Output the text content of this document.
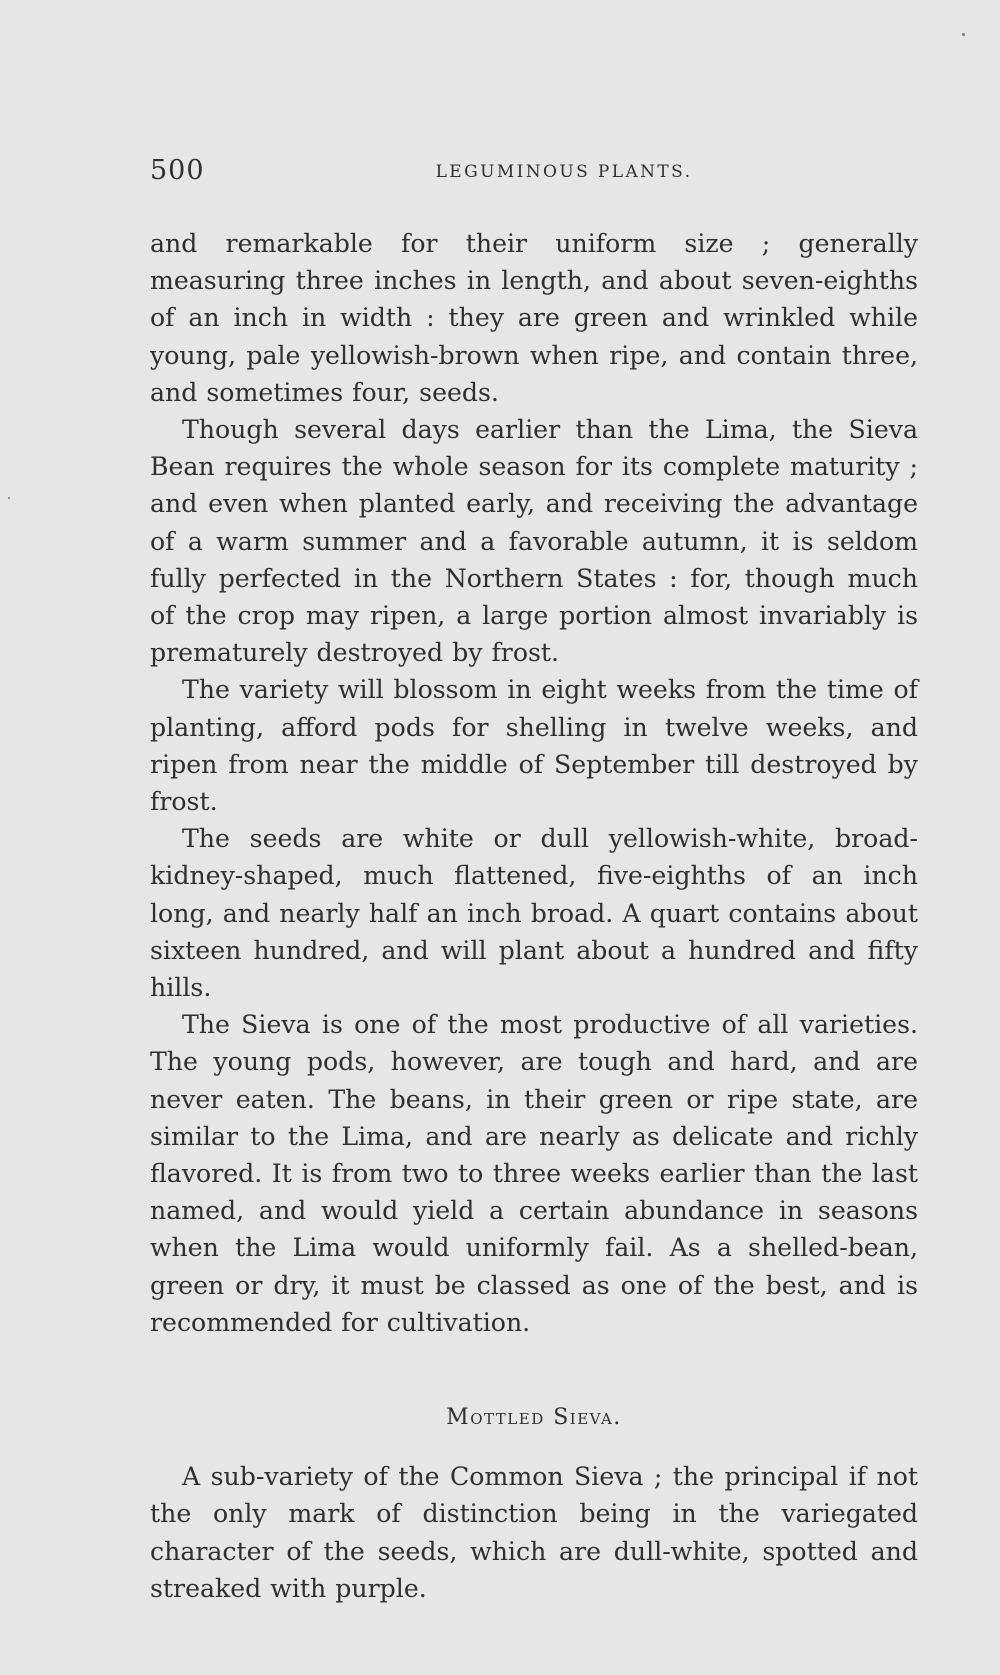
500	LEGUMINOUS PLANTS.

and remarkable for their uniform size ; generally measuring three inches in length, and about seven-eighths of an inch in width : they are green and wrinkled while young, pale yellowish-brown when ripe, and contain three, and sometimes four, seeds.

Though several days earlier than the Lima, the Sieva Bean requires the whole season for its complete maturity ; and even when planted early, and receiving the advantage of a warm summer and a favorable autumn, it is seldom fully perfected in the Northern States : for, though much of the crop may ripen, a large portion almost invariably is prematurely destroyed by frost.

The variety will blossom in eight weeks from the time of planting, afford pods for shelling in twelve weeks, and ripen from near the middle of September till destroyed by frost.

The seeds are white or dull yellowish-white, broad-kidney-shaped, much flattened, five-eighths of an inch long, and nearly half an inch broad. A quart contains about sixteen hundred, and will plant about a hundred and fifty hills.

The Sieva is one of the most productive of all varieties. The young pods, however, are tough and hard, and are never eaten. The beans, in their green or ripe state, are similar to the Lima, and are nearly as delicate and richly flavored. It is from two to three weeks earlier than the last named, and would yield a certain abundance in seasons when the Lima would uniformly fail. As a shelled-bean, green or dry, it must be classed as one of the best, and is recommended for cultivation.

Mottled Sieva.

A sub-variety of the Common Sieva ; the principal if not the only mark of distinction being in the variegated character of the seeds, which are dull-white, spotted and streaked with purple.
